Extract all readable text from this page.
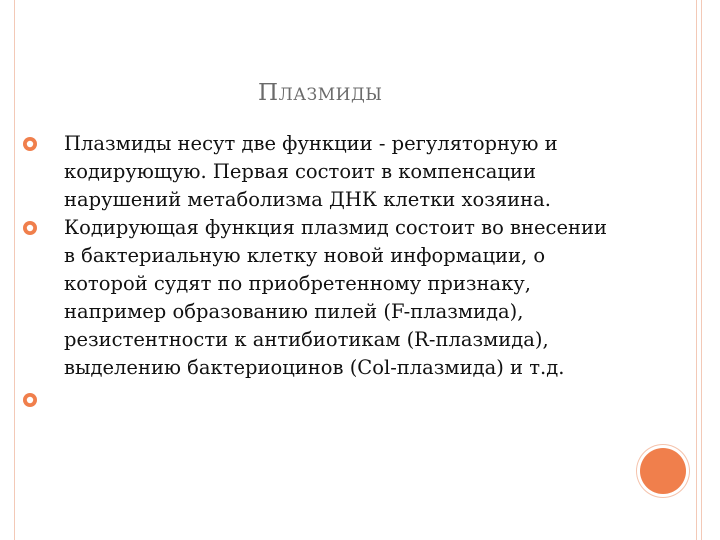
ПЛАЗМИДЫ
Плазмиды несут две функции - регуляторную и кодирующую. Первая состоит в компенсации нарушений метаболизма ДНК клетки хозяина.
Кодирующая функция плазмид состоит во внесении в бактериальную клетку новой информации, о которой судят по приобретенному признаку, например образованию пилей (F-плазмида), резистентности к антибиотикам (R-плазмида), выделению бактериоцинов (Col-плазмида) и т.д.
